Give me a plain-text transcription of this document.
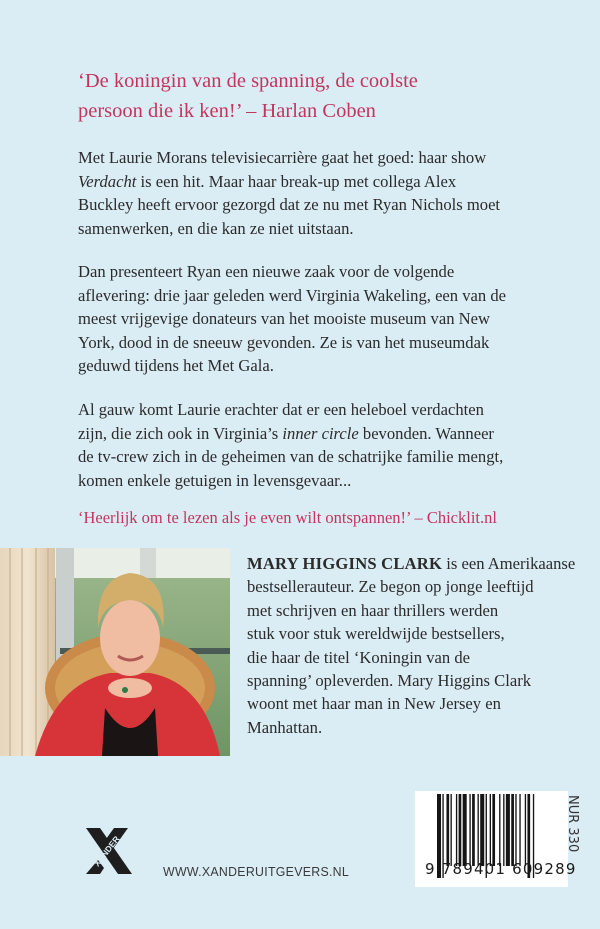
‘De koningin van de spanning, de coolste
persoon die ik ken!’ – Harlan Coben
Met Laurie Morans televisiecarrière gaat het goed: haar show
Verdacht is een hit. Maar haar break-up met collega Alex
Buckley heeft ervoor gezorgd dat ze nu met Ryan Nichols moet
samenwerken, en die kan ze niet uitstaan.
Dan presenteert Ryan een nieuwe zaak voor de volgende
aflevering: drie jaar geleden werd Virginia Wakeling, een van de
meest vrijgevige donateurs van het mooiste museum van New
York, dood in de sneeuw gevonden. Ze is van het museumdak
geduwd tijdens het Met Gala.
Al gauw komt Laurie erachter dat er een heleboel verdachten
zijn, die zich ook in Virginia’s inner circle bevonden. Wanneer
de tv-crew zich in de geheimen van de schatrijke familie mengt,
komen enkele getuigen in levensgevaar...
‘Heerlijk om te lezen als je even wilt ontspannen!’ – Chicklit.nl
MARY HIGGINS CLARK is een Amerikaanse
bestsellerauteur. Ze begon op jonge leeftijd
met schrijven en haar thrillers werden
stuk voor stuk wereldwijde bestsellers,
die haar de titel ‘Koningin van de
spanning’ opleverden. Mary Higgins Clark
woont met haar man in New Jersey en
Manhattan.
XANDER
WWW.XANDERUITGEVERS.NL	9 789401 609289
NUR 330
